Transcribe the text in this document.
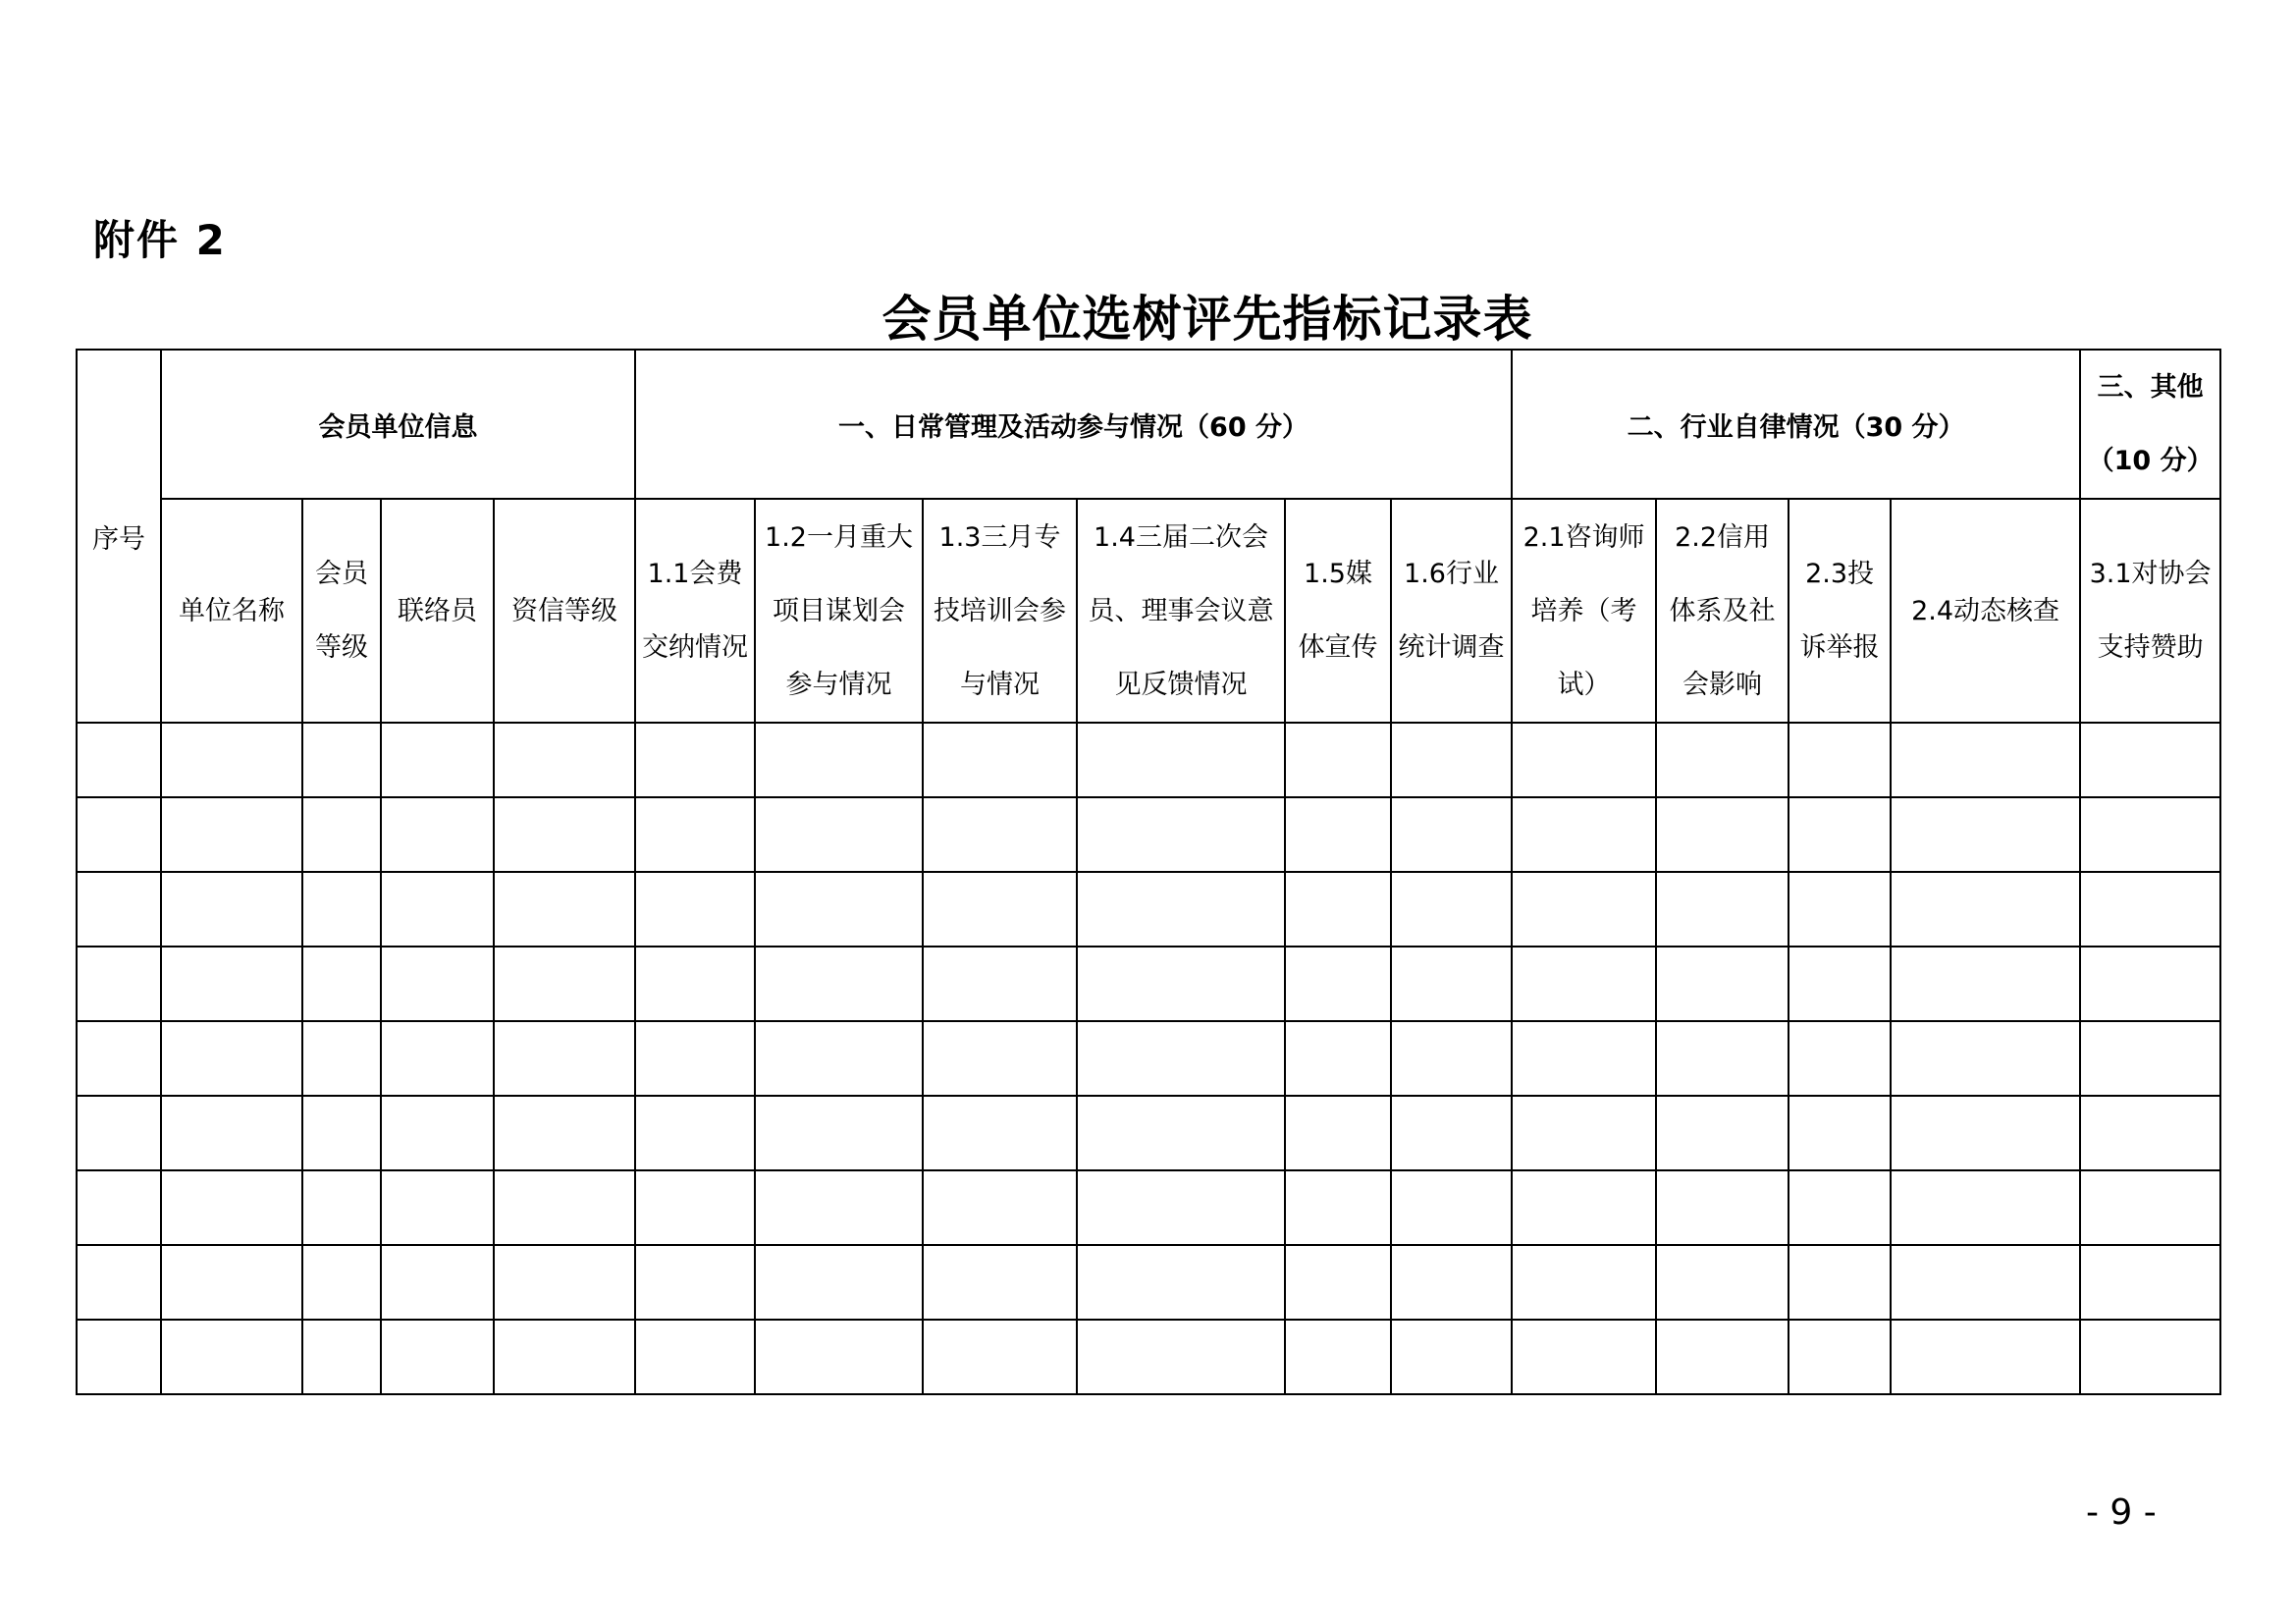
附件 2
会员单位选树评先指标记录表
序号	会员单位信息				一、日常管理及活动参与情况（60 分）						二、行业自律情况（30 分）				三、其他（10 分）
	单位名称	会员等级	联络员	资信等级	1.1会费交纳情况	1.2一月重大项目谋划会参与情况	1.3三月专技培训会参与情况	1.4三届二次会员、理事会议意见反馈情况	1.5媒体宣传	1.6行业统计调查	2.1咨询师培养（考试）	2.2信用体系及社会影响	2.3投诉举报	2.4动态核查	3.1对协会支持赞助

- 9 -
